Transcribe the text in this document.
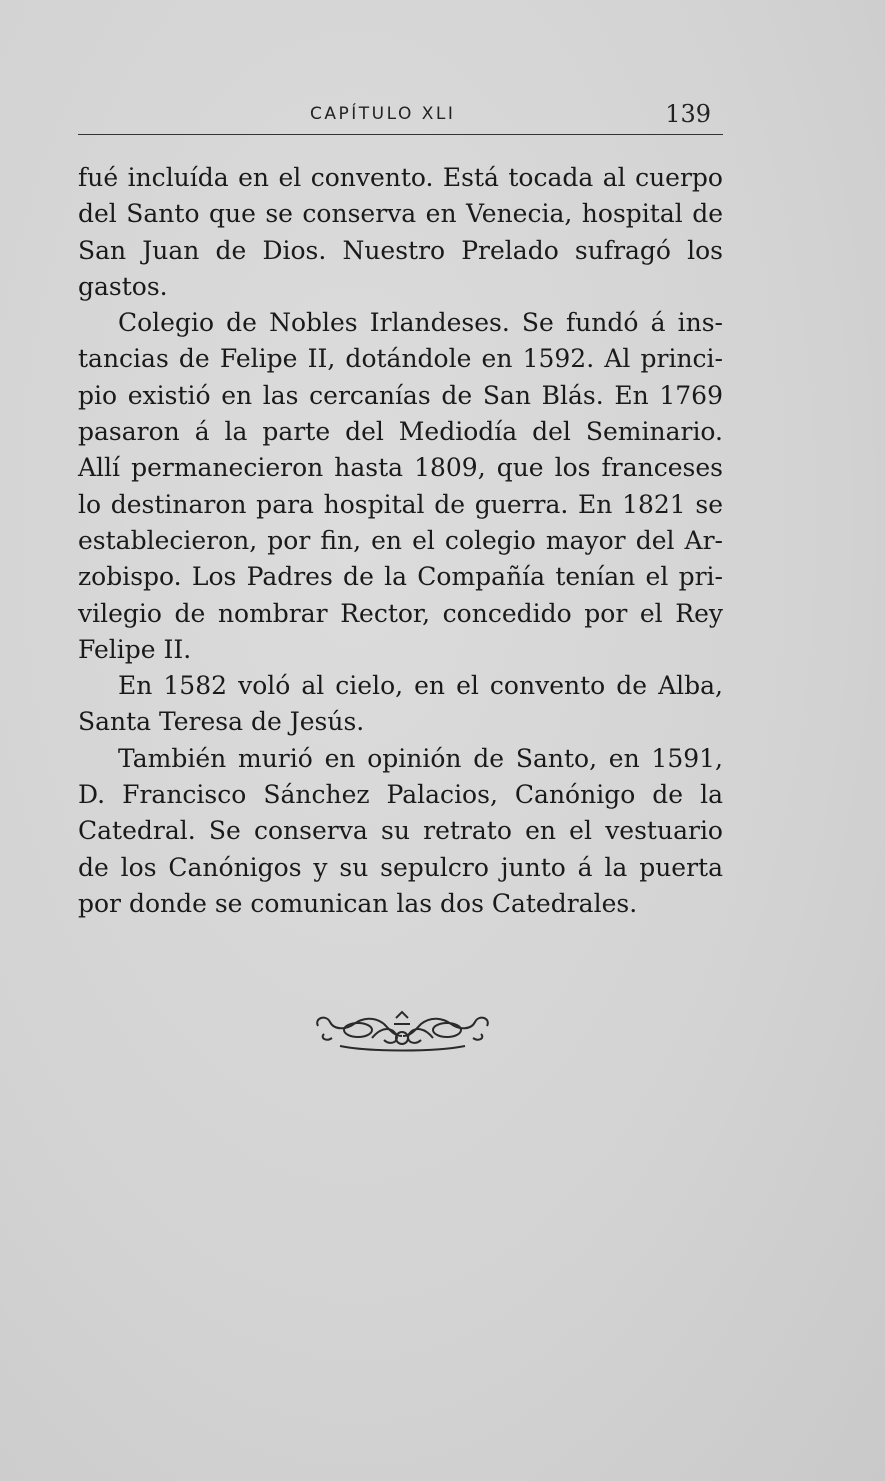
CAPÍTULO XLI	139

fué incluída en el convento. Está tocada al cuerpo
del Santo que se conserva en Venecia, hospital de
San Juan de Dios. Nuestro Prelado sufragó los
gastos.

Colegio de Nobles Irlandeses. Se fundó á ins-
tancias de Felipe II, dotándole en 1592. Al princi-
pio existió en las cercanías de San Blás. En 1769
pasaron á la parte del Mediodía del Seminario.
Allí permanecieron hasta 1809, que los franceses
lo destinaron para hospital de guerra. En 1821 se
establecieron, por fin, en el colegio mayor del Ar-
zobispo. Los Padres de la Compañía tenían el pri-
vilegio de nombrar Rector, concedido por el Rey
Felipe II.

En 1582 voló al cielo, en el convento de Alba,
Santa Teresa de Jesús.

También murió en opinión de Santo, en 1591,
D. Francisco Sánchez Palacios, Canónigo de la
Catedral. Se conserva su retrato en el vestuario
de los Canónigos y su sepulcro junto á la puerta
por donde se comunican las dos Catedrales.
